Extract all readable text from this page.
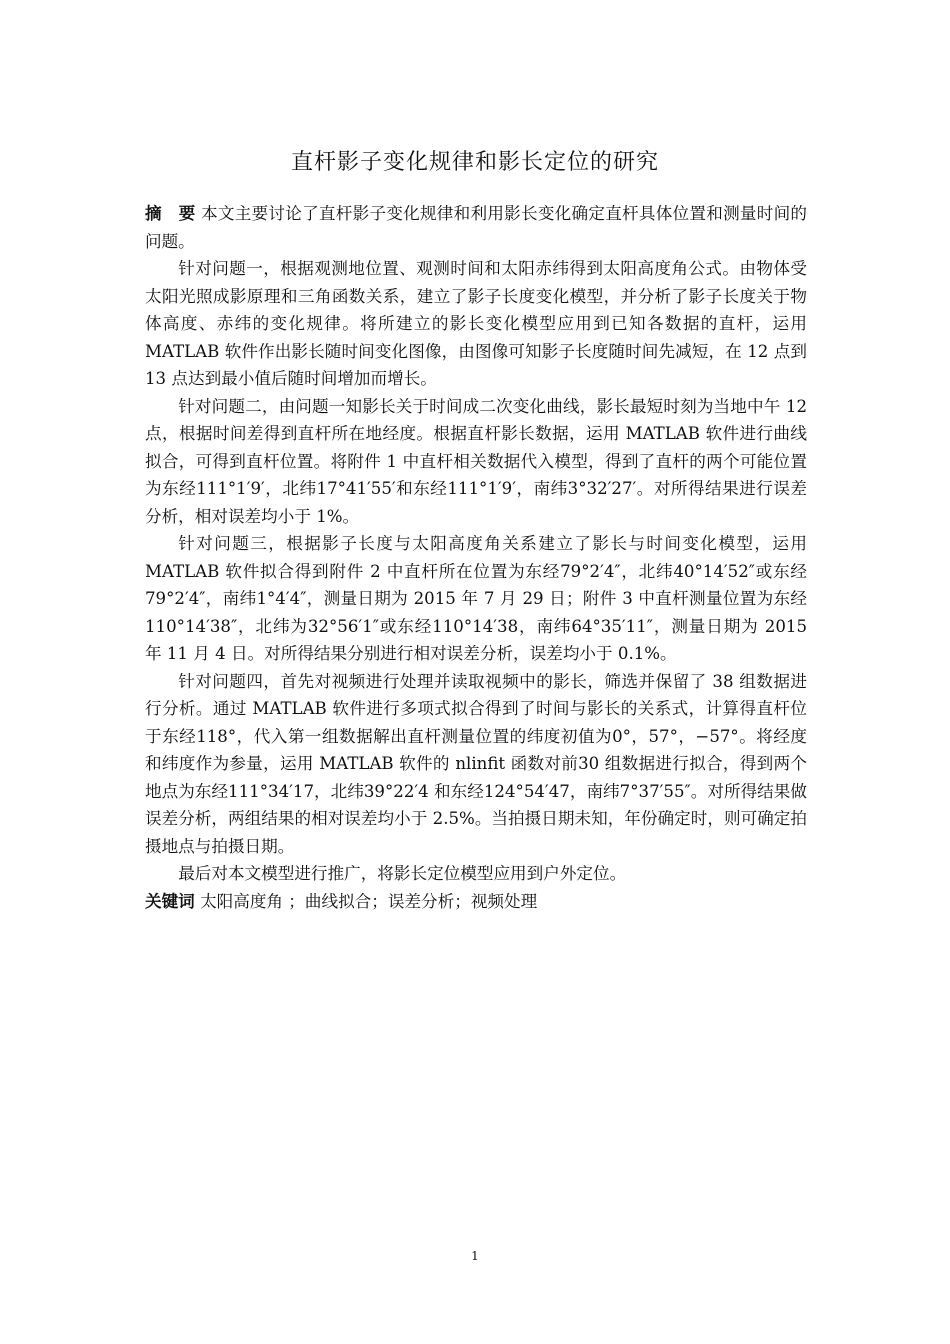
直杆影子变化规律和影长定位的研究

摘　要 本文主要讨论了直杆影子变化规律和利用影长变化确定直杆具体位置和测量时间的问题。

针对问题一，根据观测地位置、观测时间和太阳赤纬得到太阳高度角公式。由物体受太阳光照成影原理和三角函数关系，建立了影子长度变化模型，并分析了影子长度关于物体高度、赤纬的变化规律。将所建立的影长变化模型应用到已知各数据的直杆，运用 MATLAB 软件作出影长随时间变化图像，由图像可知影子长度随时间先减短，在 12 点到 13 点达到最小值后随时间增加而增长。

针对问题二，由问题一知影长关于时间成二次变化曲线，影长最短时刻为当地中午 12 点，根据时间差得到直杆所在地经度。根据直杆影长数据，运用 MATLAB 软件进行曲线拟合，可得到直杆位置。将附件 1 中直杆相关数据代入模型，得到了直杆的两个可能位置为东经111°1′9′，北纬17°41′55′和东经111°1′9′，南纬3°32′27′。对所得结果进行误差分析，相对误差均小于 1%。

针对问题三，根据影子长度与太阳高度角关系建立了影长与时间变化模型，运用 MATLAB 软件拟合得到附件 2 中直杆所在位置为东经79°2′4″，北纬40°14′52″或东经79°2′4″，南纬1°4′4″，测量日期为 2015 年 7 月 29 日；附件 3 中直杆测量位置为东经110°14′38″，北纬为32°56′1″或东经110°14′38，南纬64°35′11″，测量日期为 2015 年 11 月 4 日。对所得结果分别进行相对误差分析，误差均小于 0.1%。

针对问题四，首先对视频进行处理并读取视频中的影长，筛选并保留了 38 组数据进行分析。通过 MATLAB 软件进行多项式拟合得到了时间与影长的关系式，计算得直杆位于东经118°，代入第一组数据解出直杆测量位置的纬度初值为0°，57°，−57°。将经度和纬度作为参量，运用 MATLAB 软件的 nlinfit 函数对前30 组数据进行拟合，得到两个地点为东经111°34′17，北纬39°22′4 和东经124°54′47，南纬7°37′55″。对所得结果做误差分析，两组结果的相对误差均小于 2.5%。当拍摄日期未知，年份确定时，则可确定拍摄地点与拍摄日期。

最后对本文模型进行推广，将影长定位模型应用到户外定位。

关键词 太阳高度角 ；曲线拟合；误差分析；视频处理

1
